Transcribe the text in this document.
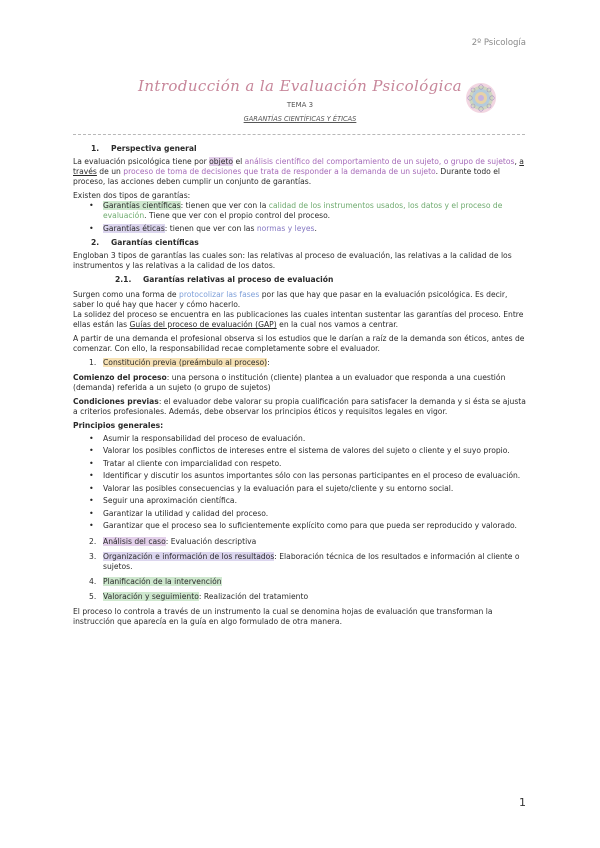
2º Psicología
Introducción a la Evaluación Psicológica
TEMA 3
GARANTÍAS CIENTÍFICAS Y ÉTICAS
1. Perspectiva general

La evaluación psicológica tiene por objeto el análisis científico del comportamiento de un sujeto, o grupo de sujetos, a través de un proceso de toma de decisiones que trata de responder a la demanda de un sujeto. Durante todo el proceso, las acciones deben cumplir un conjunto de garantías.

Existen dos tipos de garantías:
• Garantías científicas: tienen que ver con la calidad de los instrumentos usados, los datos y el proceso de evaluación. Tiene que ver con el propio control del proceso.
• Garantías éticas: tienen que ver con las normas y leyes.
2. Garantías científicas

Engloban 3 tipos de garantías las cuales son: las relativas al proceso de evaluación, las relativas a la calidad de los instrumentos y las relativas a la calidad de los datos.

2.1. Garantías relativas al proceso de evaluación
Surgen como una forma de protocolizar las fases por las que hay que pasar en la evaluación psicológica. Es decir, saber lo qué hay que hacer y cómo hacerlo.

La solidez del proceso se encuentra en las publicaciones las cuales intentan sustentar las garantías del proceso. Entre ellas están las Guías del proceso de evaluación (GAP) en la cual nos vamos a centrar.

A partir de una demanda el profesional observa si los estudios que le darían a raíz de la demanda son éticos, antes de comenzar. Con ello, la responsabilidad recae completamente sobre el evaluador.

1. Constitución previa (preámbulo al proceso):

Comienzo del proceso: una persona o institución (cliente) plantea a un evaluador que responda a una cuestión (demanda) referida a un sujeto (o grupo de sujetos)

Condiciones previas: el evaluador debe valorar su propia cualificación para satisfacer la demanda y si ésta se ajusta a criterios profesionales. Además, debe observar los principios éticos y requisitos legales en vigor.

Principios generales:
• Asumir la responsabilidad del proceso de evaluación.
• Valorar los posibles conflictos de intereses entre el sistema de valores del sujeto o cliente y el suyo propio.
• Tratar al cliente con imparcialidad con respeto.
• Identificar y discutir los asuntos importantes sólo con las personas participantes en el proceso de evaluación.
• Valorar las posibles consecuencias y la evaluación para el sujeto/cliente y su entorno social.
• Seguir una aproximación científica.
• Garantizar la utilidad y calidad del proceso.
• Garantizar que el proceso sea lo suficientemente explícito como para que pueda ser reproducido y valorado.
2. Análisis del caso: Evaluación descriptiva
3. Organización e información de los resultados: Elaboración técnica de los resultados e información al cliente o sujetos.
4. Planificación de la intervención
5. Valoración y seguimiento: Realización del tratamiento

El proceso lo controla a través de un instrumento la cual se denomina hojas de evaluación que transforman la instrucción que aparecía en la guía en algo formulado de otra manera.

1
